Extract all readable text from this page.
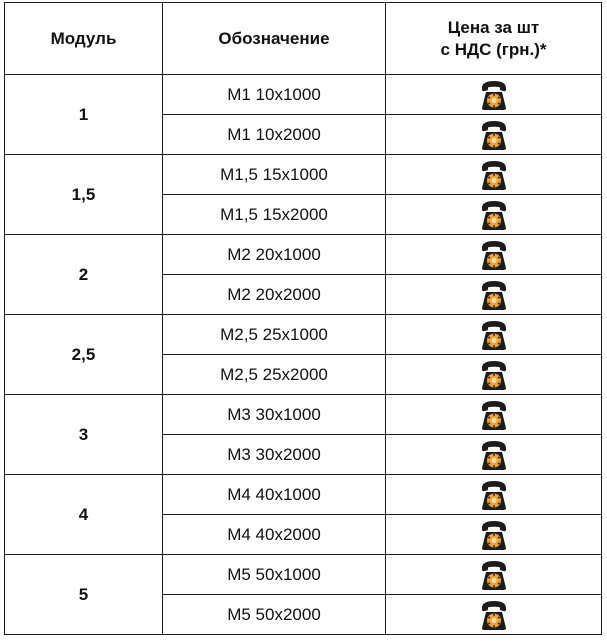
Модуль	Обозначение	Цена за шт
с НДС (грн.)*

1	M1 10x1000	
	M1 10x2000	
1,5	M1,5 15x1000	
	M1,5 15x2000	
2	M2 20x1000	
	M2 20x2000	
2,5	M2,5 25x1000	
	M2,5 25x2000	
3	M3 30x1000	
	M3 30x2000	
4	M4 40x1000	
	M4 40x2000	
5	M5 50x1000	
	M5 50x2000	
